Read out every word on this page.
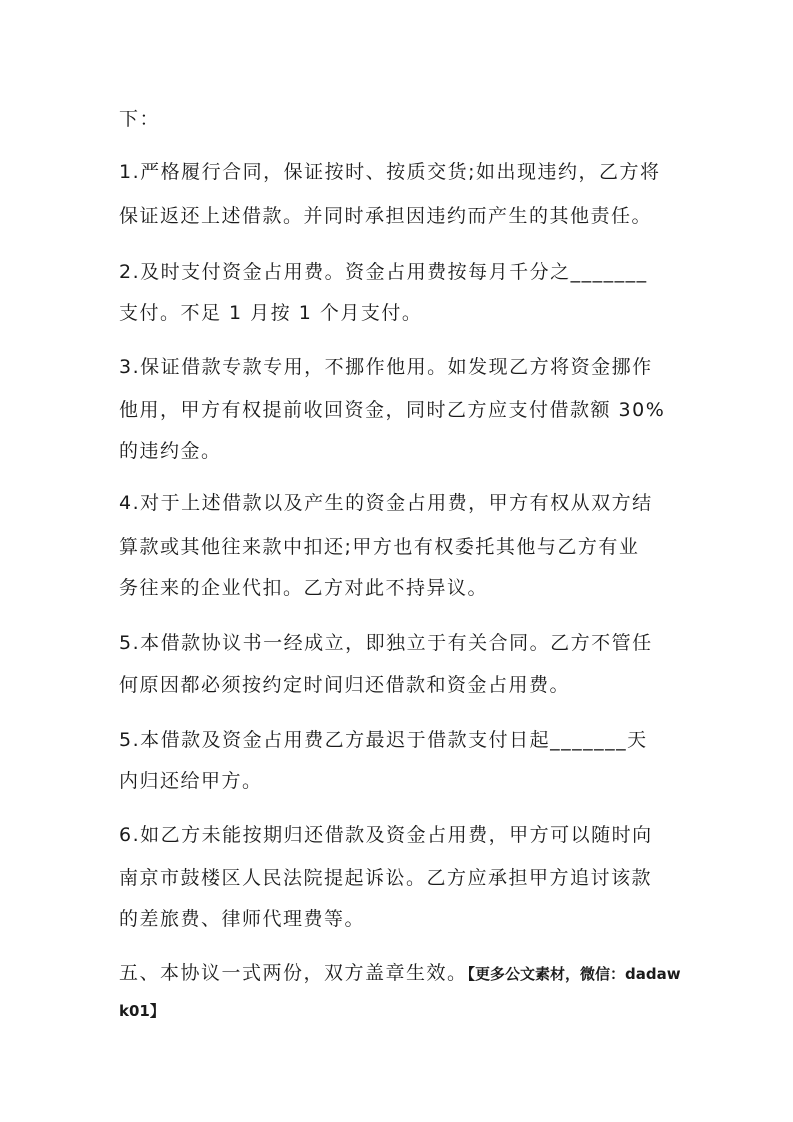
下：
1.严格履行合同，保证按时、按质交货;如出现违约，乙方将
保证返还上述借款。并同时承担因违约而产生的其他责任。
2.及时支付资金占用费。资金占用费按每月千分之_______
支付。不足 1 月按 1 个月支付。
3.保证借款专款专用，不挪作他用。如发现乙方将资金挪作
他用，甲方有权提前收回资金，同时乙方应支付借款额 30%
的违约金。
4.对于上述借款以及产生的资金占用费，甲方有权从双方结
算款或其他往来款中扣还;甲方也有权委托其他与乙方有业
务往来的企业代扣。乙方对此不持异议。
5.本借款协议书一经成立，即独立于有关合同。乙方不管任
何原因都必须按约定时间归还借款和资金占用费。
5.本借款及资金占用费乙方最迟于借款支付日起_______天
内归还给甲方。
6.如乙方未能按期归还借款及资金占用费，甲方可以随时向
南京市鼓楼区人民法院提起诉讼。乙方应承担甲方追讨该款
的差旅费、律师代理费等。
五、本协议一式两份，双方盖章生效。【更多公文素材，微信：dadaw
k01】
